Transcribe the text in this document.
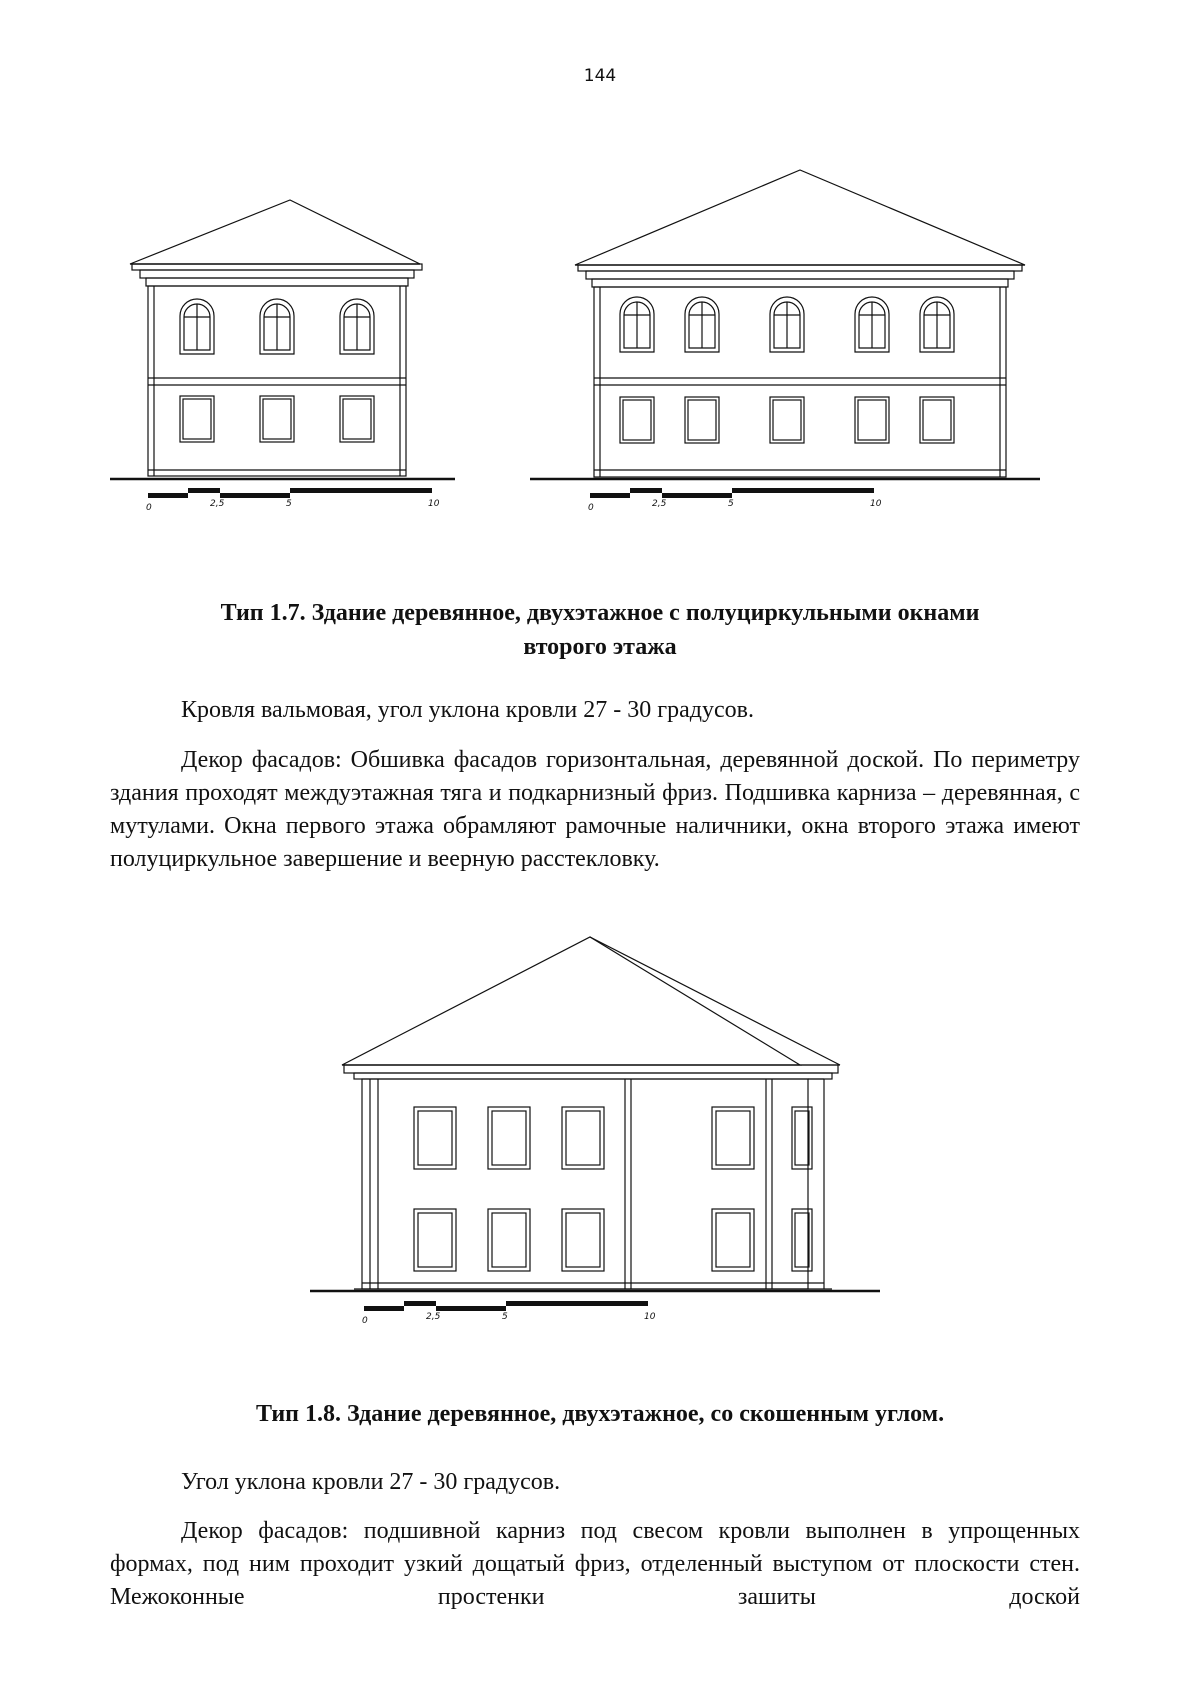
144
0	2,5	5	10	0	2,5	5	10
Тип 1.7. Здание деревянное, двухэтажное с полуциркульными окнами
второго этажа
Кровля вальмовая, угол уклона кровли 27 - 30 градусов.
Декор фасадов: Обшивка фасадов горизонтальная, деревянной доской. По периметру здания проходят междуэтажная тяга и подкарнизный фриз. Подшивка карниза – деревянная, с мутулами. Окна первого этажа обрамляют рамочные наличники, окна второго этажа имеют полуциркульное завершение и веерную расстекловку.
0	2,5	5	10
Тип 1.8. Здание деревянное, двухэтажное, со скошенным углом.
Угол уклона кровли 27 - 30 градусов.
Декор фасадов: подшивной карниз под свесом кровли выполнен в упрощенных формах, под ним проходит узкий дощатый фриз, отделенный выступом от плоскости стен. Межоконные простенки зашиты доской
